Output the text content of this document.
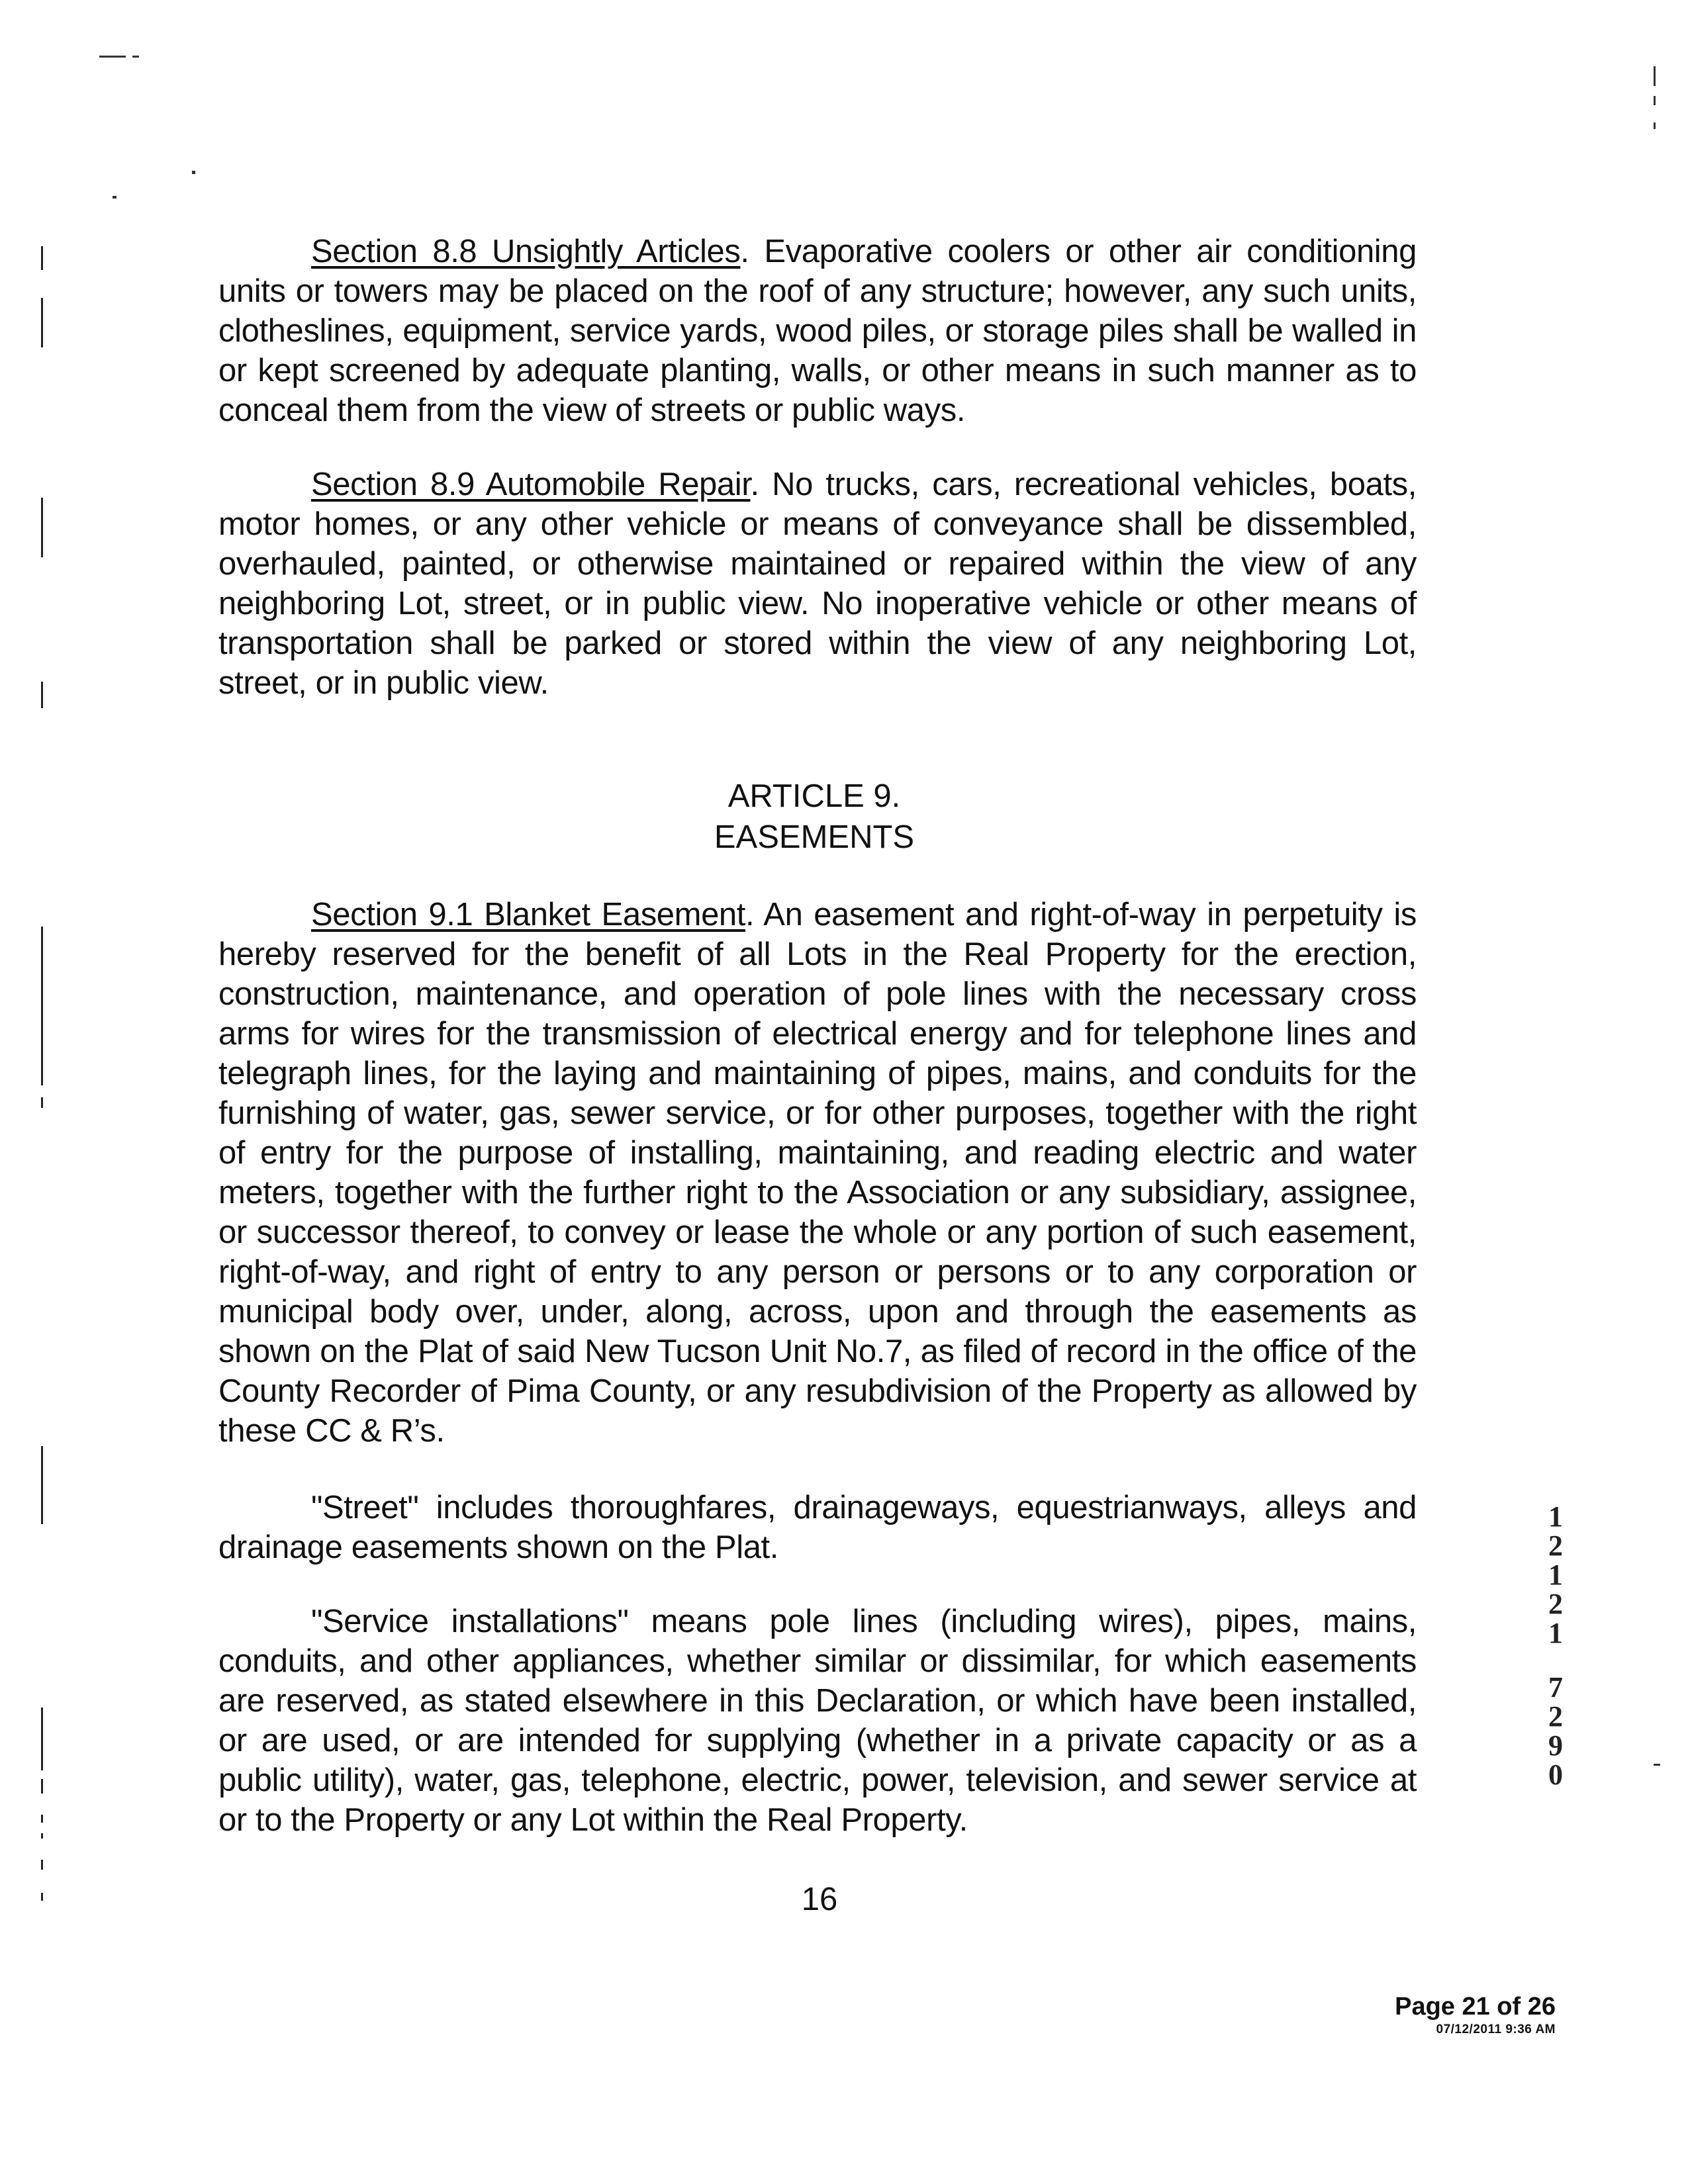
Section 8.8 Unsightly Articles. Evaporative coolers or other air conditioning units or towers may be placed on the roof of any structure; however, any such units, clotheslines, equipment, service yards, wood piles, or storage piles shall be walled in or kept screened by adequate planting, walls, or other means in such manner as to conceal them from the view of streets or public ways.

Section 8.9 Automobile Repair. No trucks, cars, recreational vehicles, boats, motor homes, or any other vehicle or means of conveyance shall be dissembled, overhauled, painted, or otherwise maintained or repaired within the view of any neighboring Lot, street, or in public view. No inoperative vehicle or other means of transportation shall be parked or stored within the view of any neighboring Lot, street, or in public view.

ARTICLE 9.
EASEMENTS

Section 9.1 Blanket Easement. An easement and right-of-way in perpetuity is hereby reserved for the benefit of all Lots in the Real Property for the erection, construction, maintenance, and operation of pole lines with the necessary cross arms for wires for the transmission of electrical energy and for telephone lines and telegraph lines, for the laying and maintaining of pipes, mains, and conduits for the furnishing of water, gas, sewer service, or for other purposes, together with the right of entry for the purpose of installing, maintaining, and reading electric and water meters, together with the further right to the Association or any subsidiary, assignee, or successor thereof, to convey or lease the whole or any portion of such easement, right-of-way, and right of entry to any person or persons or to any corporation or municipal body over, under, along, across, upon and through the easements as shown on the Plat of said New Tucson Unit No.7, as filed of record in the office of the County Recorder of Pima County, or any resubdivision of the Property as allowed by these CC & R’s.

"Street" includes thoroughfares, drainageways, equestrianways, alleys and drainage easements shown on the Plat.

"Service installations" means pole lines (including wires), pipes, mains, conduits, and other appliances, whether similar or dissimilar, for which easements are reserved, as stated elsewhere in this Declaration, or which have been installed, or are used, or are intended for supplying (whether in a private capacity or as a public utility), water, gas, telephone, electric, power, television, and sewer service at or to the Property or any Lot within the Real Property.

1
2
1
2
1
7
2
9
0
16
Page 21 of 26
07/12/2011 9:36 AM
